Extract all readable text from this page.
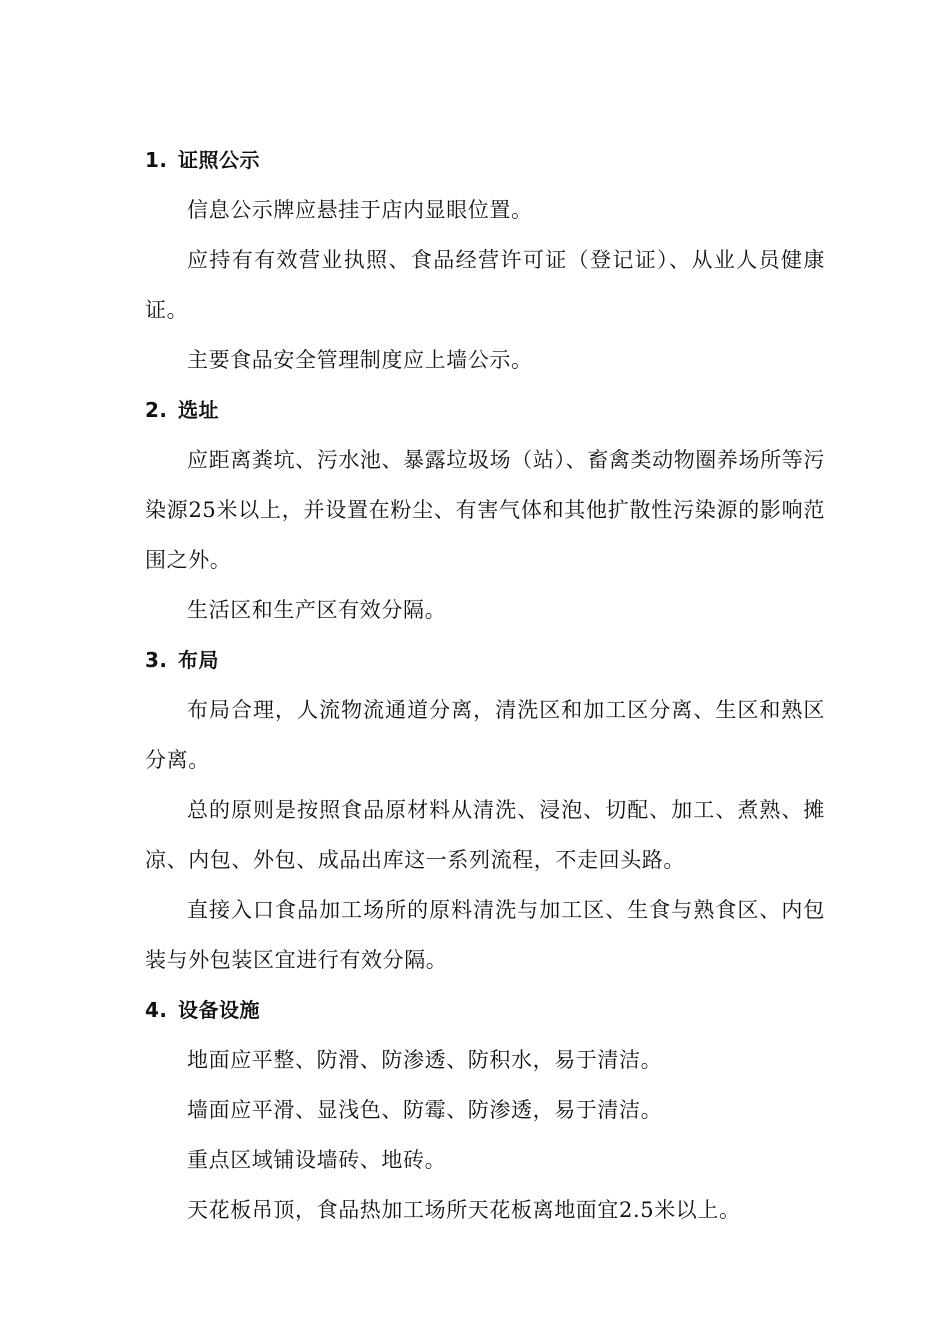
1. 证照公示
信息公示牌应悬挂于店内显眼位置。
应持有有效营业执照、食品经营许可证（登记证）、从业人员健康证。
主要食品安全管理制度应上墙公示。
2. 选址
应距离粪坑、污水池、暴露垃圾场（站）、畜禽类动物圈养场所等污染源25米以上，并设置在粉尘、有害气体和其他扩散性污染源的影响范围之外。
生活区和生产区有效分隔。
3. 布局
布局合理，人流物流通道分离，清洗区和加工区分离、生区和熟区分离。
总的原则是按照食品原材料从清洗、浸泡、切配、加工、煮熟、摊凉、内包、外包、成品出库这一系列流程，不走回头路。
直接入口食品加工场所的原料清洗与加工区、生食与熟食区、内包装与外包装区宜进行有效分隔。
4. 设备设施
地面应平整、防滑、防渗透、防积水，易于清洁。
墙面应平滑、显浅色、防霉、防渗透，易于清洁。
重点区域铺设墙砖、地砖。
天花板吊顶，食品热加工场所天花板离地面宜2.5米以上。
